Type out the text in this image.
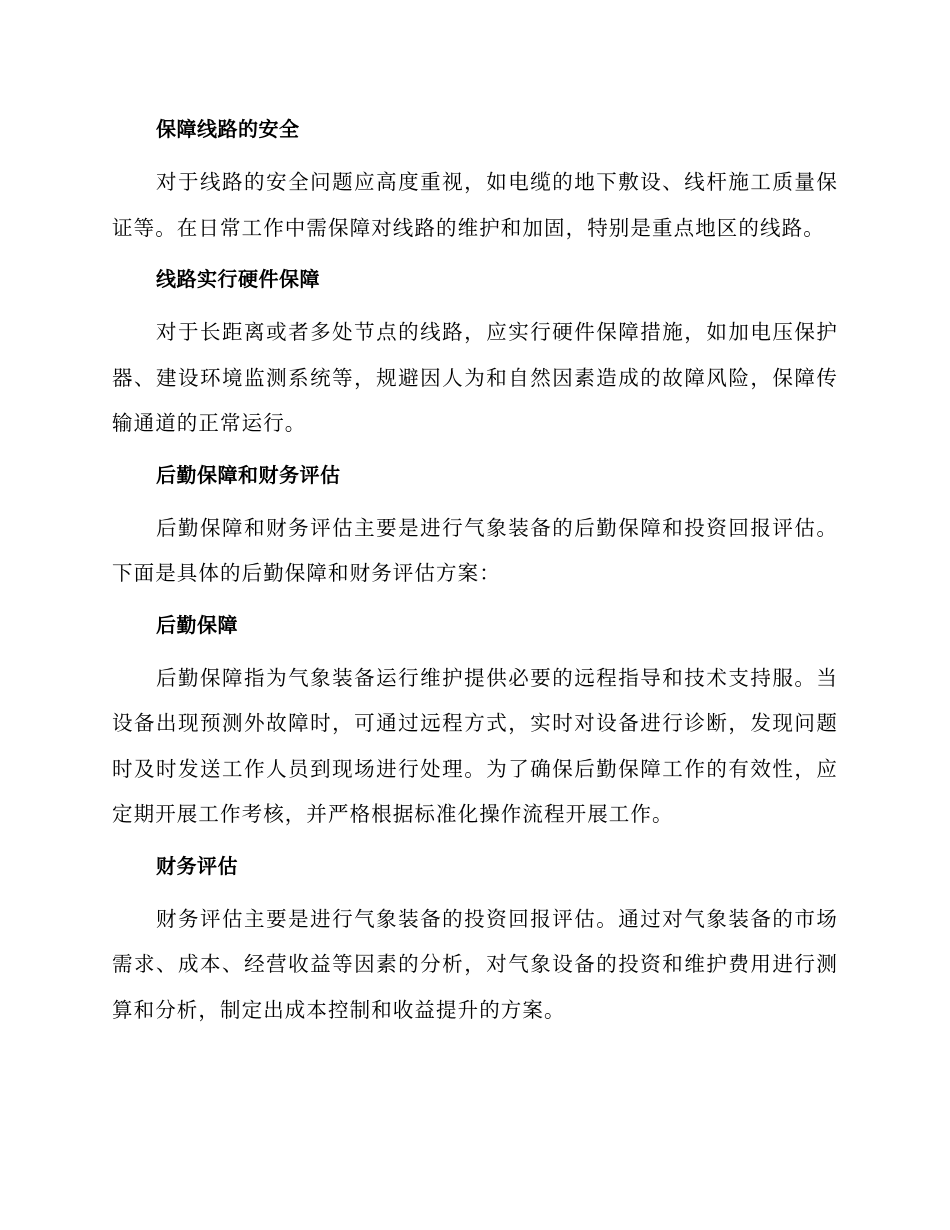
保障线路的安全

对于线路的安全问题应高度重视，如电缆的地下敷设、线杆施工质量保证等。在日常工作中需保障对线路的维护和加固，特别是重点地区的线路。

线路实行硬件保障

对于长距离或者多处节点的线路，应实行硬件保障措施，如加电压保护器、建设环境监测系统等，规避因人为和自然因素造成的故障风险，保障传输通道的正常运行。

后勤保障和财务评估

后勤保障和财务评估主要是进行气象装备的后勤保障和投资回报评估。下面是具体的后勤保障和财务评估方案：

后勤保障

后勤保障指为气象装备运行维护提供必要的远程指导和技术支持服。当设备出现预测外故障时，可通过远程方式，实时对设备进行诊断，发现问题时及时发送工作人员到现场进行处理。为了确保后勤保障工作的有效性，应定期开展工作考核，并严格根据标准化操作流程开展工作。

财务评估

财务评估主要是进行气象装备的投资回报评估。通过对气象装备的市场需求、成本、经营收益等因素的分析，对气象设备的投资和维护费用进行测算和分析，制定出成本控制和收益提升的方案。
